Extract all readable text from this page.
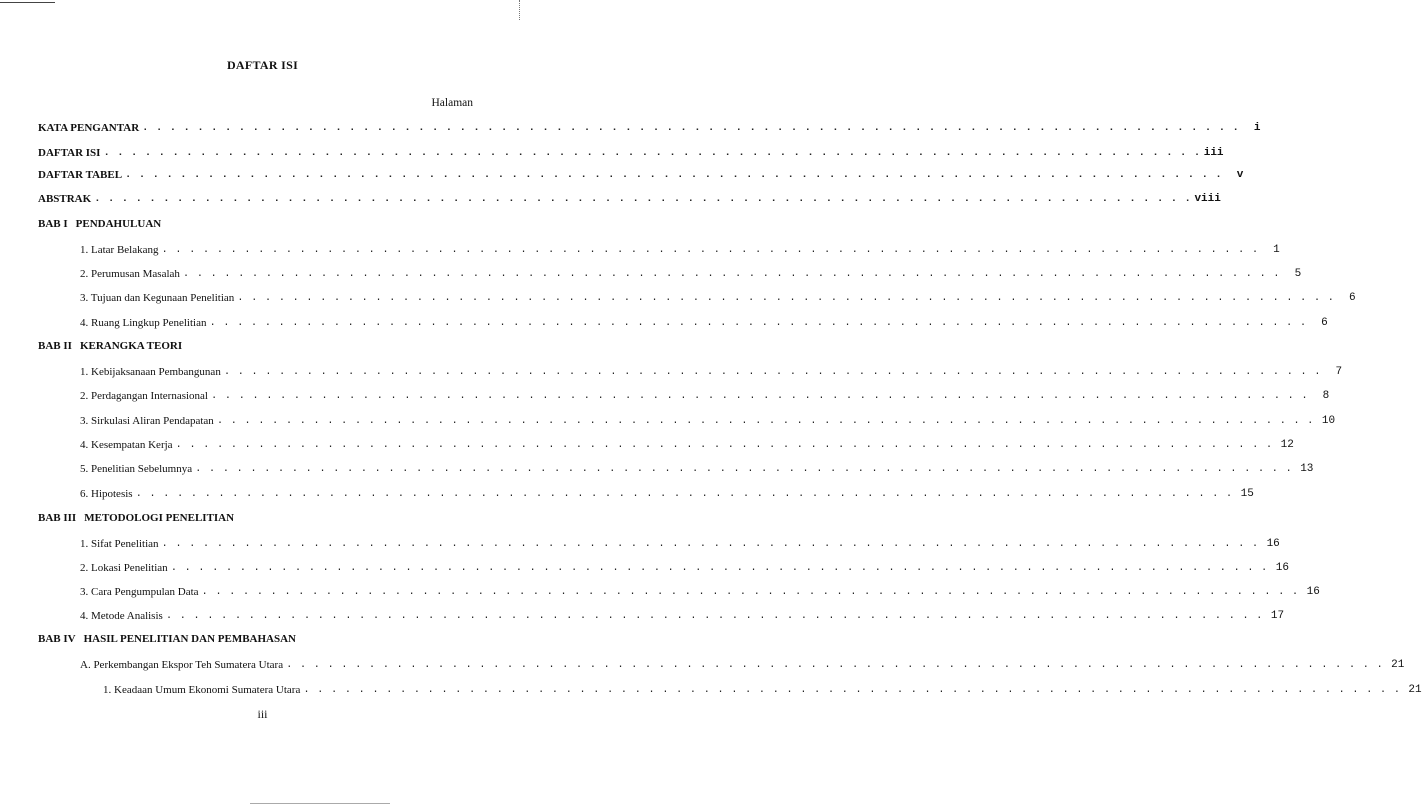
DAFTAR ISI
Halaman
KATA PENGANTAR . . . . . . . . . . . . . . . . . . . . . . . . . . . . . . . . . . . . . . . . . . . . . . . . . . . . . . . . . . . . . . . . . . . . . . . . . . . . . . . .	i
DAFTAR ISI . . . . . . . . . . . . . . . . . . . . . . . . . . . . . . . . . . . . . . . . . . . . . . . . . . . . . . . . . . . . . . . . . . . . . . . . . . . . . . . . iii
DAFTAR TABEL . . . . . . . . . . . . . . . . . . . . . . . . . . . . . . . . . . . . . . . . . . . . . . . . . . . . . . . . . . . . . . . . . . . . . . . . . . . . . . . .	v
ABSTRAK . . . . . . . . . . . . . . . . . . . . . . . . . . . . . . . . . . . . . . . . . . . . . . . . . . . . . . . . . . . . . . . . . . . . . . . . . . . . . . . . viii
BAB I PENDAHULUAN
1. Latar Belakang . . . . . . . . . . . . . . . . . . . . . . . . . . . . . . . . . . . . . . . . . . . . . . . . . . . . . . . . . . . . . . . . . . . . . . . . . . . . . . . .	1
2. Perumusan Masalah . . . . . . . . . . . . . . . . . . . . . . . . . . . . . . . . . . . . . . . . . . . . . . . . . . . . . . . . . . . . . . . . . . . . . . . . . . . . . . . .	5
3. Tujuan dan Kegunaan Penelitian . . . . . . . . . . . . . . . . . . . . . . . . . . . . . . . . . . . . . . . . . . . . . . . . . . . . . . . . . . . . . . . . . . . . . . . . . . . . . . . .	6
4. Ruang Lingkup Penelitian . . . . . . . . . . . . . . . . . . . . . . . . . . . . . . . . . . . . . . . . . . . . . . . . . . . . . . . . . . . . . . . . . . . . . . . . . . . . . . . .	6
BAB II KERANGKA TEORI
1. Kebijaksanaan Pembangunan . . . . . . . . . . . . . . . . . . . . . . . . . . . . . . . . . . . . . . . . . . . . . . . . . . . . . . . . . . . . . . . . . . . . . . . . . . . . . . . .	7
2. Perdagangan Internasional . . . . . . . . . . . . . . . . . . . . . . . . . . . . . . . . . . . . . . . . . . . . . . . . . . . . . . . . . . . . . . . . . . . . . . . . . . . . . . . .	8
3. Sirkulasi Aliran Pendapatan . . . . . . . . . . . . . . . . . . . . . . . . . . . . . . . . . . . . . . . . . . . . . . . . . . . . . . . . . . . . . . . . . . . . . . . . . . . . . . . . 10
4. Kesempatan Kerja . . . . . . . . . . . . . . . . . . . . . . . . . . . . . . . . . . . . . . . . . . . . . . . . . . . . . . . . . . . . . . . . . . . . . . . . . . . . . . . . 12
5. Penelitian Sebelumnya . . . . . . . . . . . . . . . . . . . . . . . . . . . . . . . . . . . . . . . . . . . . . . . . . . . . . . . . . . . . . . . . . . . . . . . . . . . . . . . . 13
6. Hipotesis . . . . . . . . . . . . . . . . . . . . . . . . . . . . . . . . . . . . . . . . . . . . . . . . . . . . . . . . . . . . . . . . . . . . . . . . . . . . . . . . 15
BAB III METODOLOGI PENELITIAN
1. Sifat Penelitian . . . . . . . . . . . . . . . . . . . . . . . . . . . . . . . . . . . . . . . . . . . . . . . . . . . . . . . . . . . . . . . . . . . . . . . . . . . . . . . . 16
2. Lokasi Penelitian . . . . . . . . . . . . . . . . . . . . . . . . . . . . . . . . . . . . . . . . . . . . . . . . . . . . . . . . . . . . . . . . . . . . . . . . . . . . . . . . 16
3. Cara Pengumpulan Data . . . . . . . . . . . . . . . . . . . . . . . . . . . . . . . . . . . . . . . . . . . . . . . . . . . . . . . . . . . . . . . . . . . . . . . . . . . . . . . . 16
4. Metode Analisis . . . . . . . . . . . . . . . . . . . . . . . . . . . . . . . . . . . . . . . . . . . . . . . . . . . . . . . . . . . . . . . . . . . . . . . . . . . . . . . . 17
BAB IV HASIL PENELITIAN DAN PEMBAHASAN
A. Perkembangan Ekspor Teh Sumatera Utara . . . . . . . . . . . . . . . . . . . . . . . . . . . . . . . . . . . . . . . . . . . . . . . . . . . . . . . . . . . . . . . . . . . . . . . . . . . . . . . . 21
1. Keadaan Umum Ekonomi Sumatera Utara . . . . . . . . . . . . . . . . . . . . . . . . . . . . . . . . . . . . . . . . . . . . . . . . . . . . . . . . . . . . . . . . . . . . . . . . . . . . . . . . 21
iii
